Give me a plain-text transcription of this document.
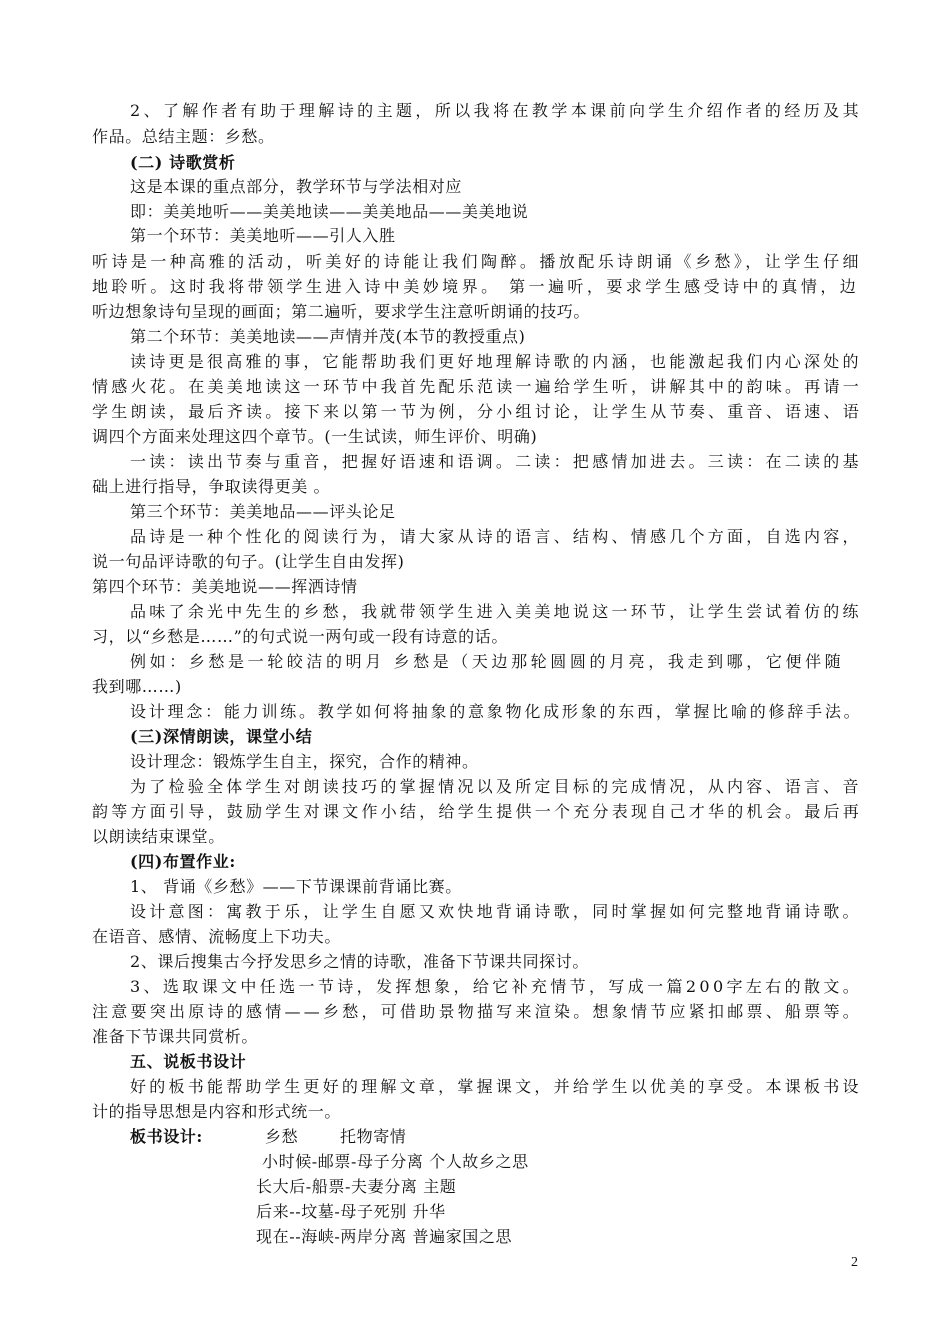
2、了解作者有助于理解诗的主题，所以我将在教学本课前向学生介绍作者的经历及其
作品。总结主题：乡愁。
(二) 诗歌赏析
这是本课的重点部分，教学环节与学法相对应
即：美美地听——美美地读——美美地品——美美地说
第一个环节：美美地听——引人入胜
听诗是一种高雅的活动，听美好的诗能让我们陶醉。播放配乐诗朗诵《乡愁》，让学生仔细
地聆听。这时我将带领学生进入诗中美妙境界。 第一遍听，要求学生感受诗中的真情，边
听边想象诗句呈现的画面；第二遍听，要求学生注意听朗诵的技巧。
第二个环节：美美地读——声情并茂(本节的教授重点)
读诗更是很高雅的事，它能帮助我们更好地理解诗歌的内涵，也能激起我们内心深处的
情感火花。在美美地读这一环节中我首先配乐范读一遍给学生听，讲解其中的韵味。再请一
学生朗读，最后齐读。接下来以第一节为例，分小组讨论，让学生从节奏、重音、语速、语
调四个方面来处理这四个章节。(一生试读，师生评价、明确)
一读：读出节奏与重音，把握好语速和语调。二读：把感情加进去。三读：在二读的基
础上进行指导，争取读得更美 。
第三个环节：美美地品——评头论足
品诗是一种个性化的阅读行为，请大家从诗的语言、结构、情感几个方面，自选内容，
说一句品评诗歌的句子。(让学生自由发挥)
第四个环节：美美地说——挥洒诗情
品味了余光中先生的乡愁，我就带领学生进入美美地说这一环节，让学生尝试着仿的练
习，以“乡愁是……”的句式说一两句或一段有诗意的话。
例如：乡愁是一轮皎洁的明月 乡愁是（天边那轮圆圆的月亮，我走到哪，它便伴随
我到哪……)
设计理念：能力训练。教学如何将抽象的意象物化成形象的东西，掌握比喻的修辞手法。
(三)深情朗读，课堂小结
设计理念：锻炼学生自主，探究，合作的精神。
为了检验全体学生对朗读技巧的掌握情况以及所定目标的完成情况，从内容、语言、音
韵等方面引导，鼓励学生对课文作小结，给学生提供一个充分表现自己才华的机会。最后再
以朗读结束课堂。
(四)布置作业:
1、 背诵《乡愁》——下节课课前背诵比赛。
设计意图：寓教于乐，让学生自愿又欢快地背诵诗歌，同时掌握如何完整地背诵诗歌。
在语音、感情、流畅度上下功夫。
2、课后搜集古今抒发思乡之情的诗歌，准备下节课共同探讨。
3、选取课文中任选一节诗，发挥想象，给它补充情节，写成一篇200字左右的散文。
注意要突出原诗的感情——乡愁，可借助景物描写来渲染。想象情节应紧扣邮票、船票等。
准备下节课共同赏析。
五、说板书设计
好的板书能帮助学生更好的理解文章，掌握课文，并给学生以优美的享受。本课板书设
计的指导思想是内容和形式统一。
板书设计:	乡愁	托物寄情
小时候-邮票-母子分离 个人故乡之思
长大后-船票-夫妻分离 主题
后来--坟墓-母子死别 升华
现在--海峡-两岸分离 普遍家国之思
2
